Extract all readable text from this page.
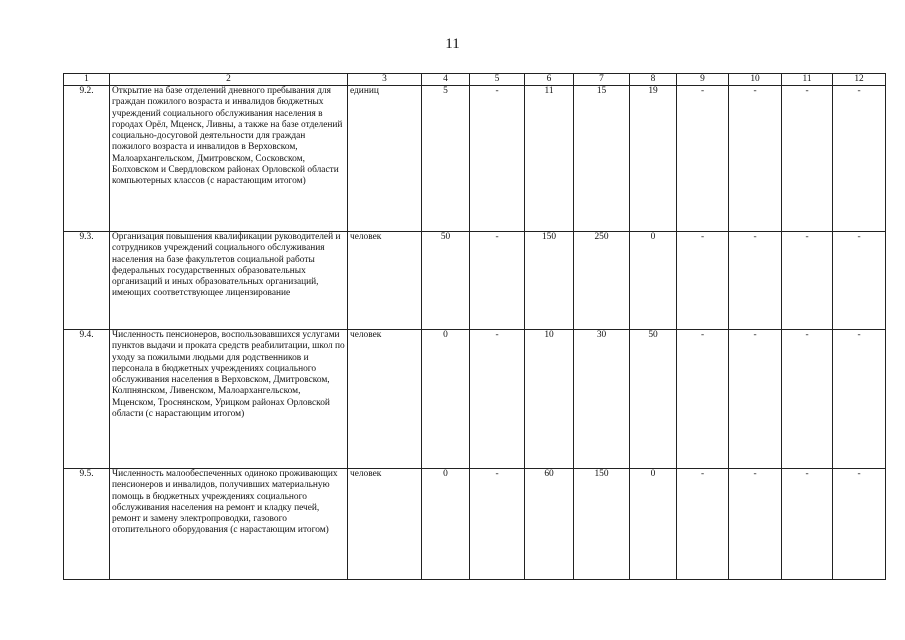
11
1	2	3	4	5	6	7	8	9	10	11	12
9.2.	Открытие на базе отделений дневного пребывания для граждан пожилого возраста и инвалидов бюджетных учреждений социального обслуживания населения в городах Орёл, Мценск, Ливны, а также на базе отделений социально-досуговой деятельности для граждан пожилого возраста и инвалидов в Верховском, Малоархангельском, Дмитровском, Сосковском, Болховском и Свердловском районах Орловской области компьютерных классов (с нарастающим итогом)	единиц	5	-	11	15	19	-	-	-	-
9.3.	Организация повышения квалификации руководителей и сотрудников учреждений социального обслуживания населения на базе факультетов социальной работы федеральных государственных образовательных организаций и иных образовательных организаций, имеющих соответствующее лицензирование	человек	50	-	150	250	0	-	-	-	-
9.4.	Численность пенсионеров, воспользовавшихся услугами пунктов выдачи и проката средств реабилитации, школ по уходу за пожилыми людьми для родственников и персонала в бюджетных учреждениях социального обслуживания населения в Верховском, Дмитровском, Колпнянском, Ливенском, Малоархангельском, Мценском, Троснянском, Урицком районах Орловской области (с нарастающим итогом)	человек	0	-	10	30	50	-	-	-	-
9.5.	Численность малообеспеченных одиноко проживающих пенсионеров и инвалидов, получивших материальную помощь в бюджетных учреждениях социального обслуживания населения на ремонт и кладку печей, ремонт и замену электропроводки, газового отопительного оборудования (с нарастающим итогом)	человек	0	-	60	150	0	-	-	-	-
